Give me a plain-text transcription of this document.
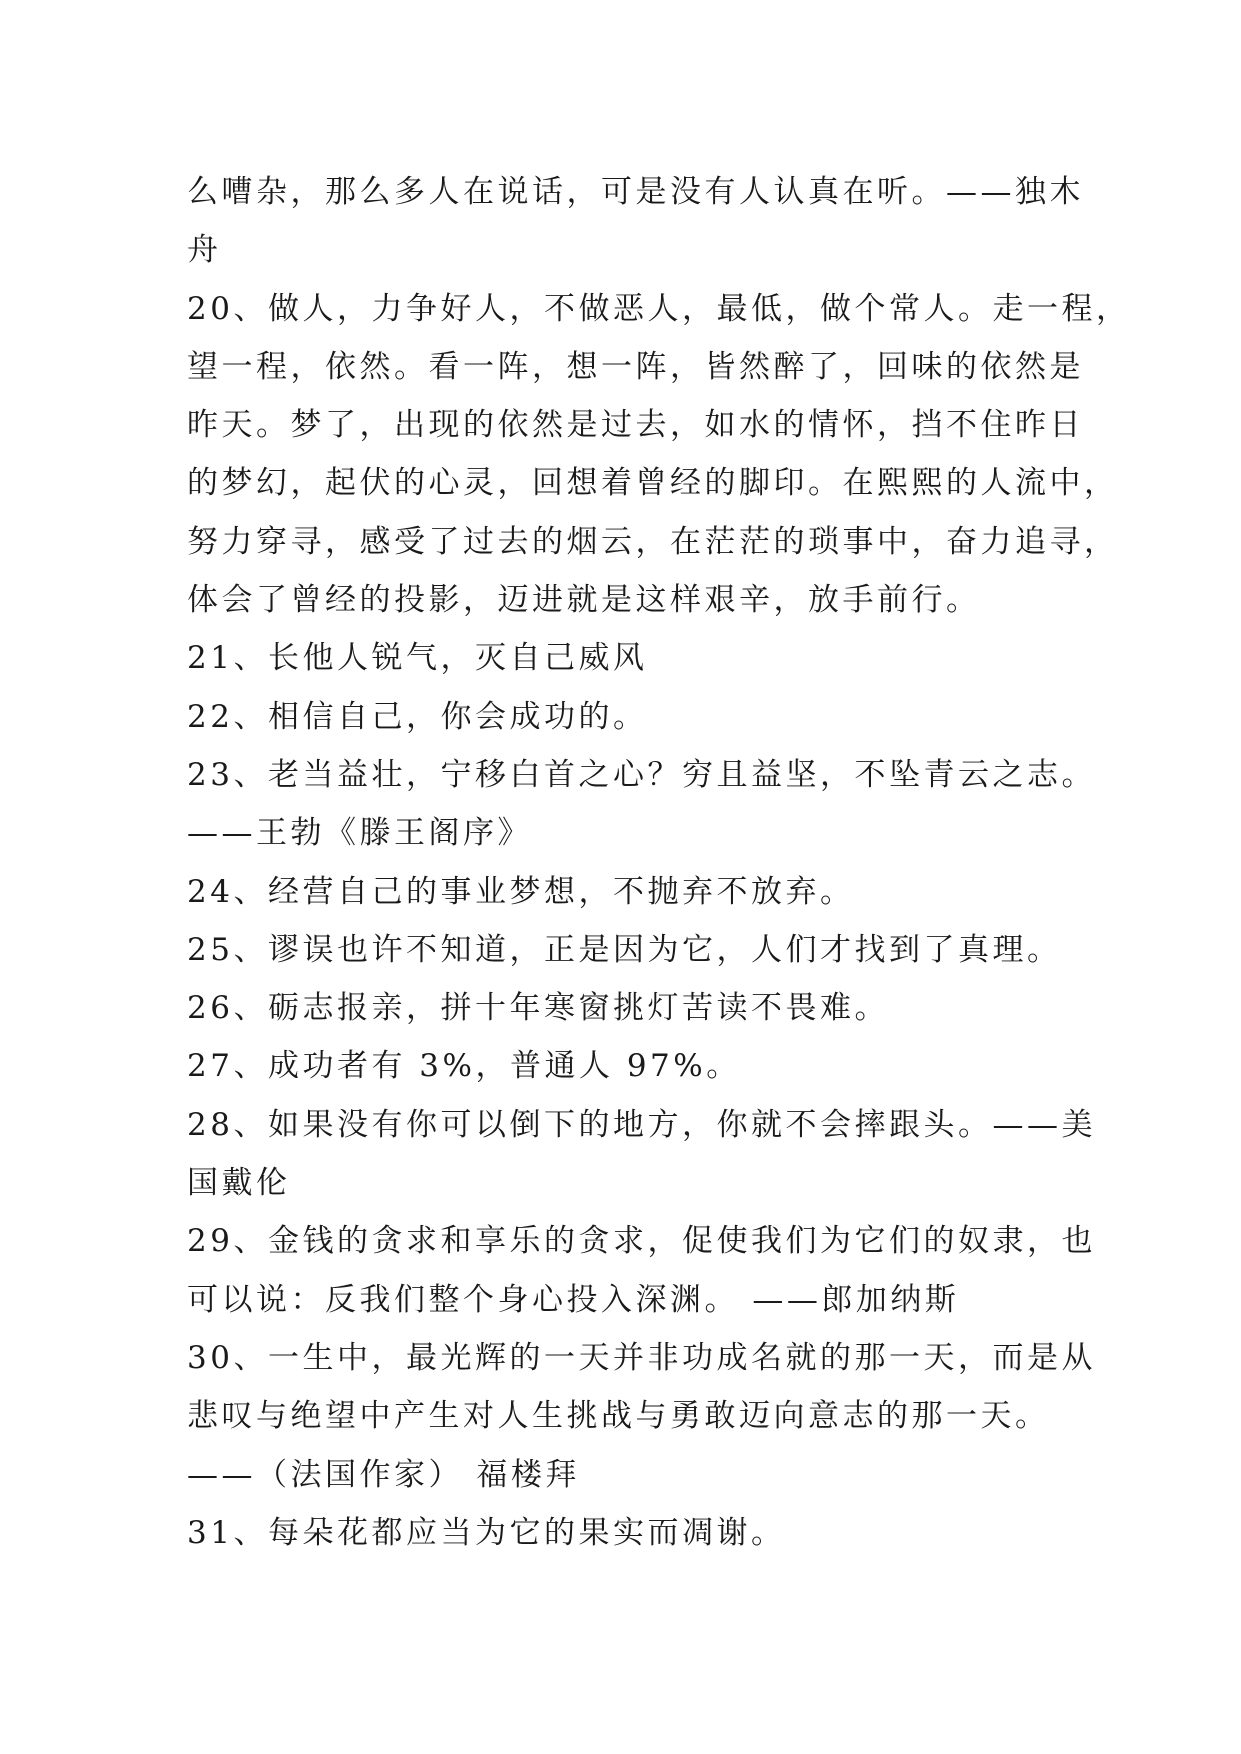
么嘈杂，那么多人在说话，可是没有人认真在听。——独木
舟
20、做人，力争好人，不做恶人，最低，做个常人。走一程，
望一程，依然。看一阵，想一阵，皆然醉了，回味的依然是
昨天。梦了，出现的依然是过去，如水的情怀，挡不住昨日
的梦幻，起伏的心灵，回想着曾经的脚印。在熙熙的人流中，
努力穿寻，感受了过去的烟云，在茫茫的琐事中，奋力追寻，
体会了曾经的投影，迈进就是这样艰辛，放手前行。
21、长他人锐气，灭自己威风
22、相信自己，你会成功的。
23、老当益壮，宁移白首之心？穷且益坚，不坠青云之志。
——王勃《滕王阁序》
24、经营自己的事业梦想，不抛弃不放弃。
25、谬误也许不知道，正是因为它，人们才找到了真理。
26、砺志报亲，拼十年寒窗挑灯苦读不畏难。
27、成功者有 3%，普通人 97%。
28、如果没有你可以倒下的地方，你就不会摔跟头。——美
国戴伦
29、金钱的贪求和享乐的贪求，促使我们为它们的奴隶，也
可以说：反我们整个身心投入深渊。 ——郎加纳斯
30、一生中，最光辉的一天并非功成名就的那一天，而是从
悲叹与绝望中产生对人生挑战与勇敢迈向意志的那一天。
——（法国作家） 福楼拜
31、每朵花都应当为它的果实而凋谢。
